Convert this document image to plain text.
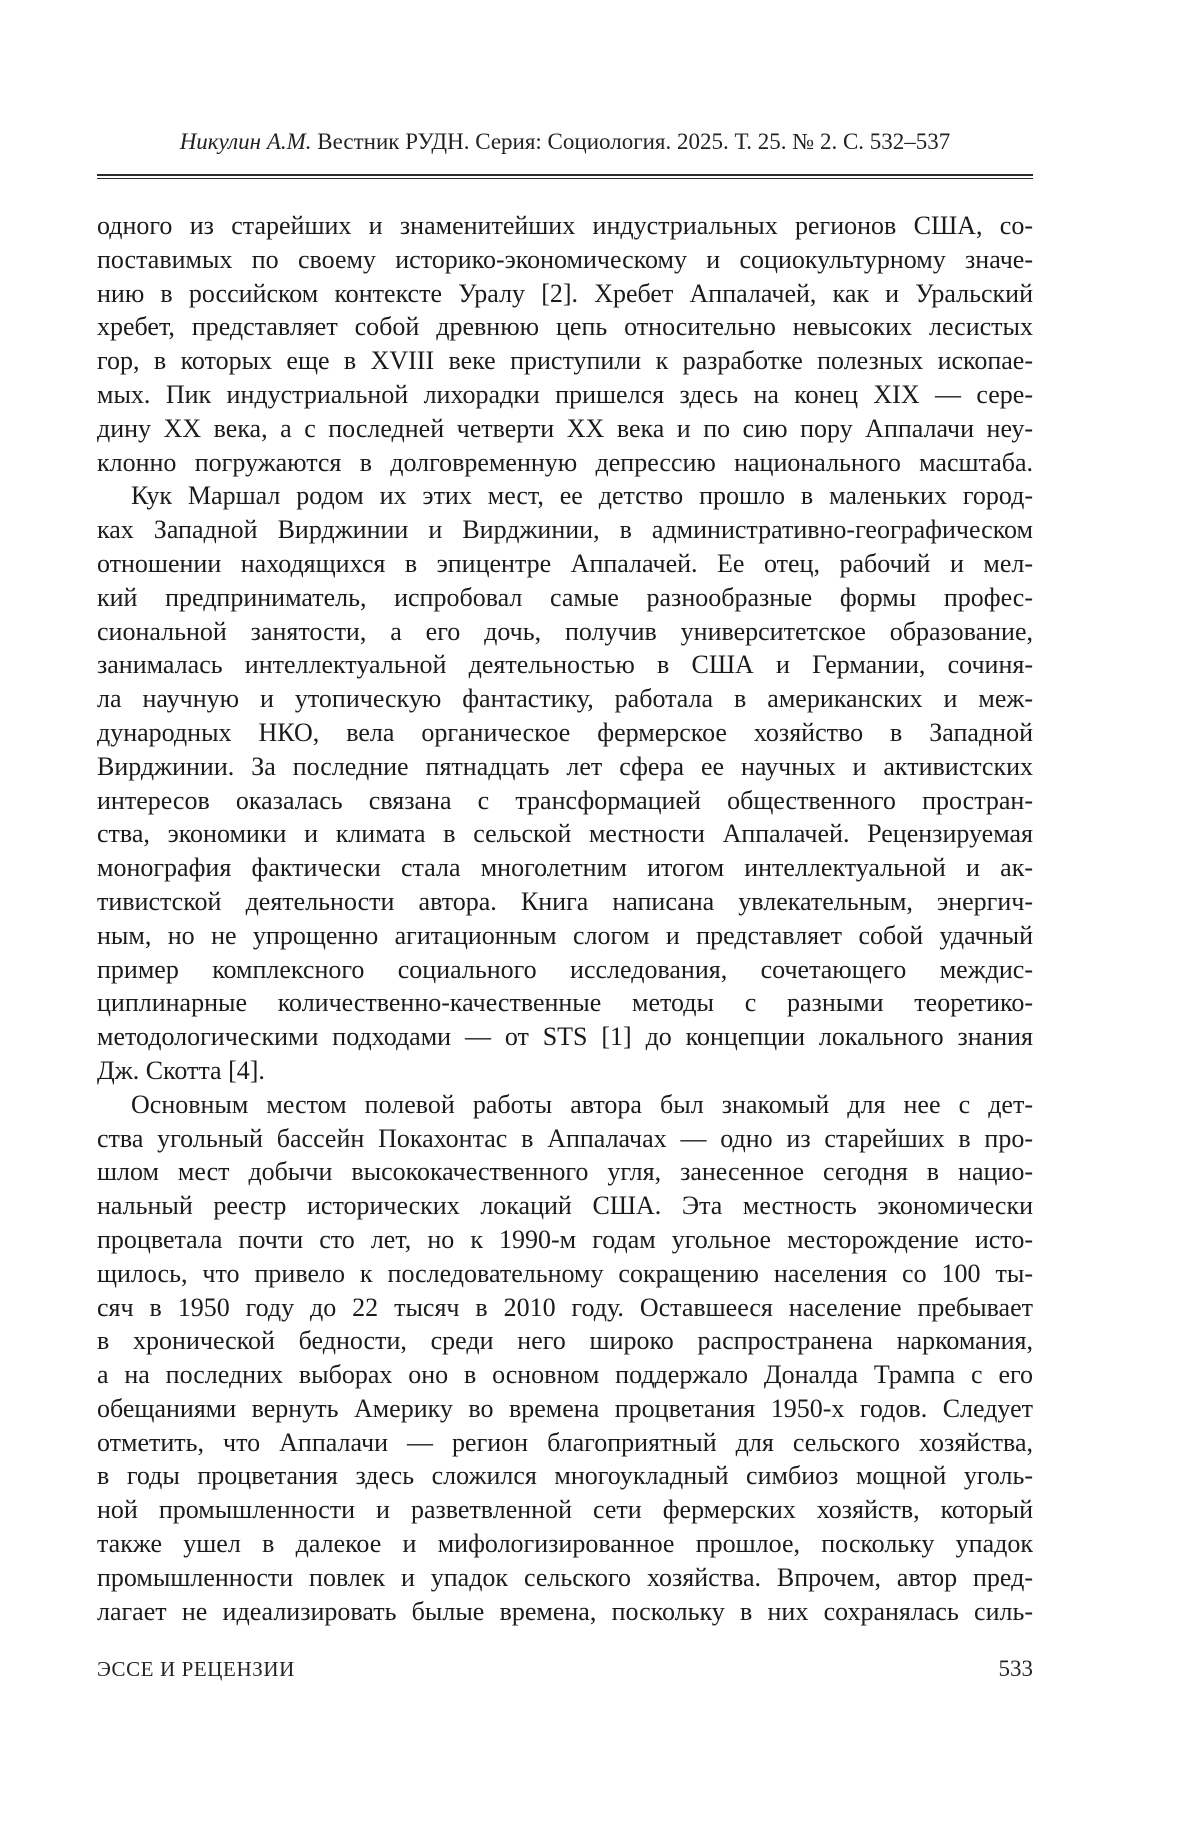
Никулин А.М. Вестник РУДН. Серия: Социология. 2025. Т. 25. № 2. С. 532–537
одного из старейших и знаменитейших индустриальных регионов США, со-
поставимых по своему историко-экономическому и социокультурному значе-
нию в российском контексте Уралу [2]. Хребет Аппалачей, как и Уральский
хребет, представляет собой древнюю цепь относительно невысоких лесистых
гор, в которых еще в XVIII веке приступили к разработке полезных ископае-
мых. Пик индустриальной лихорадки пришелся здесь на конец XIX — сере-
дину XX века, а с последней четверти XX века и по сию пору Аппалачи неу-
клонно погружаются в долговременную депрессию национального масштаба.
Кук Маршал родом их этих мест, ее детство прошло в маленьких город-
ках Западной Вирджинии и Вирджинии, в административно-географическом
отношении находящихся в эпицентре Аппалачей. Ее отец, рабочий и мел-
кий предприниматель, испробовал самые разнообразные формы профес-
сиональной занятости, а его дочь, получив университетское образование,
занималась интеллектуальной деятельностью в США и Германии, сочиня-
ла научную и утопическую фантастику, работала в американских и меж-
дународных НКО, вела органическое фермерское хозяйство в Западной
Вирджинии. За последние пятнадцать лет сфера ее научных и активистских
интересов оказалась связана с трансформацией общественного простран-
ства, экономики и климата в сельской местности Аппалачей. Рецензируемая
монография фактически стала многолетним итогом интеллектуальной и ак-
тивистской деятельности автора. Книга написана увлекательным, энергич-
ным, но не упрощенно агитационным слогом и представляет собой удачный
пример комплексного социального исследования, сочетающего междис-
циплинарные количественно-качественные методы с разными теоретико-
методологическими подходами — от STS [1] до концепции локального знания
Дж. Скотта [4].
Основным местом полевой работы автора был знакомый для нее с дет-
ства угольный бассейн Покахонтас в Аппалачах — одно из старейших в про-
шлом мест добычи высококачественного угля, занесенное сегодня в нацио-
нальный реестр исторических локаций США. Эта местность экономически
процветала почти сто лет, но к 1990-м годам угольное месторождение исто-
щилось, что привело к последовательному сокращению населения со 100 ты-
сяч в 1950 году до 22 тысяч в 2010 году. Оставшееся население пребывает
в хронической бедности, среди него широко распространена наркомания,
а на последних выборах оно в основном поддержало Доналда Трампа с его
обещаниями вернуть Америку во времена процветания 1950-х годов. Следует
отметить, что Аппалачи — регион благоприятный для сельского хозяйства,
в годы процветания здесь сложился многоукладный симбиоз мощной уголь-
ной промышленности и разветвленной сети фермерских хозяйств, который
также ушел в далекое и мифологизированное прошлое, поскольку упадок
промышленности повлек и упадок сельского хозяйства. Впрочем, автор пред-
лагает не идеализировать былые времена, поскольку в них сохранялась силь-
ЭССЕ И РЕЦЕНЗИИ	533
